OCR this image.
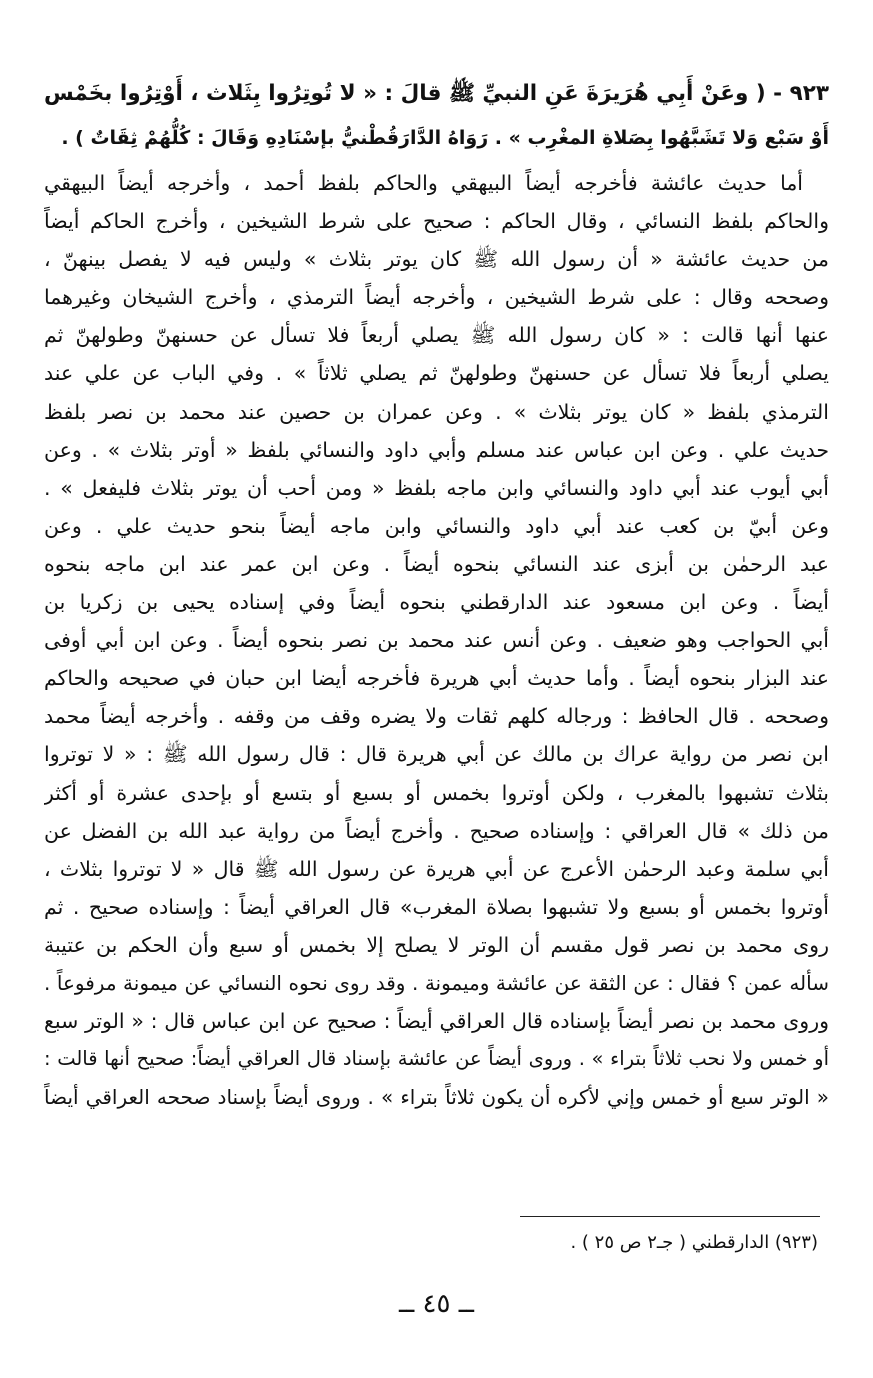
٩٢٣ - ( وعَنْ أَبِي هُرَيرَةَ عَنِ النبيِّ ﷺ قالَ : « لا تُوتِرُوا بِثَلاث ، أَوْتِرُوا بخَمْس
أَوْ سَبْع وَلا تَشَبَّهُوا بِصَلاةِ المغْرِب » . رَوَاهُ الدَّارَقُطْنيُّ بإسْنَادِهِ وَقَالَ : كُلُّهُمْ ثِقَاتٌ ) .
أما حديث عائشة فأخرجه أيضاً البيهقي والحاكم بلفظ أحمد ، وأخرجه أيضاً البيهقي
والحاكم بلفظ النسائي ، وقال الحاكم : صحيح على شرط الشيخين ، وأخرج الحاكم أيضاً
من حديث عائشة « أن رسول الله ﷺ كان يوتر بثلاث » وليس فيه لا يفصل بينهنّ ،
وصححه وقال : على شرط الشيخين ، وأخرجه أيضاً الترمذي ، وأخرج الشيخان وغيرهما
عنها أنها قالت : « كان رسول الله ﷺ يصلي أربعاً فلا تسأل عن حسنهنّ وطولهنّ ثم
يصلي أربعاً فلا تسأل عن حسنهنّ وطولهنّ ثم يصلي ثلاثاً » . وفي الباب عن علي عند
الترمذي بلفظ « كان يوتر بثلاث » . وعن عمران بن حصين عند محمد بن نصر بلفظ
حديث علي . وعن ابن عباس عند مسلم وأبي داود والنسائي بلفظ « أوتر بثلاث » . وعن
أبي أيوب عند أبي داود والنسائي وابن ماجه بلفظ « ومن أحب أن يوتر بثلاث فليفعل » .
وعن أبيّ بن كعب عند أبي داود والنسائي وابن ماجه أيضاً بنحو حديث علي . وعن
عبد الرحمٰن بن أبزى عند النسائي بنحوه أيضاً . وعن ابن عمر عند ابن ماجه بنحوه
أيضاً . وعن ابن مسعود عند الدارقطني بنحوه أيضاً وفي إسناده يحيى بن زكريا بن
أبي الحواجب وهو ضعيف . وعن أنس عند محمد بن نصر بنحوه أيضاً . وعن ابن أبي أوفى
عند البزار بنحوه أيضاً . وأما حديث أبي هريرة فأخرجه أيضا ابن حبان في صحيحه والحاكم
وصححه . قال الحافظ : ورجاله كلهم ثقات ولا يضره وقف من وقفه . وأخرجه أيضاً محمد
ابن نصر من رواية عراك بن مالك عن أبي هريرة قال : قال رسول الله ﷺ : « لا توتروا
بثلاث تشبهوا بالمغرب ، ولكن أوتروا بخمس أو بسبع أو بتسع أو بإحدى عشرة أو أكثر
من ذلك » قال العراقي : وإسناده صحيح . وأخرج أيضاً من رواية عبد الله بن الفضل عن
أبي سلمة وعبد الرحمٰن الأعرج عن أبي هريرة عن رسول الله ﷺ قال « لا توتروا بثلاث ،
أوتروا بخمس أو بسبع ولا تشبهوا بصلاة المغرب» قال العراقي أيضاً : وإسناده صحيح . ثم
روى محمد بن نصر قول مقسم أن الوتر لا يصلح إلا بخمس أو سبع وأن الحكم بن عتيبة
سأله عمن ؟ فقال : عن الثقة عن عائشة وميمونة . وقد روى نحوه النسائي عن ميمونة مرفوعاً .
وروى محمد بن نصر أيضاً بإسناده قال العراقي أيضاً : صحيح عن ابن عباس قال : « الوتر سبع
أو خمس ولا نحب ثلاثاً بتراء » . وروى أيضاً عن عائشة بإسناد قال العراقي أيضاً: صحيح أنها قالت :
« الوتر سبع أو خمس وإني لأكره أن يكون ثلاثاً بتراء » . وروى أيضاً بإسناد صححه العراقي أيضاً
(٩٢٣) الدارقطني ( جـ٢ ص ٢٥ ) .
ــ ٤٥ ــ
